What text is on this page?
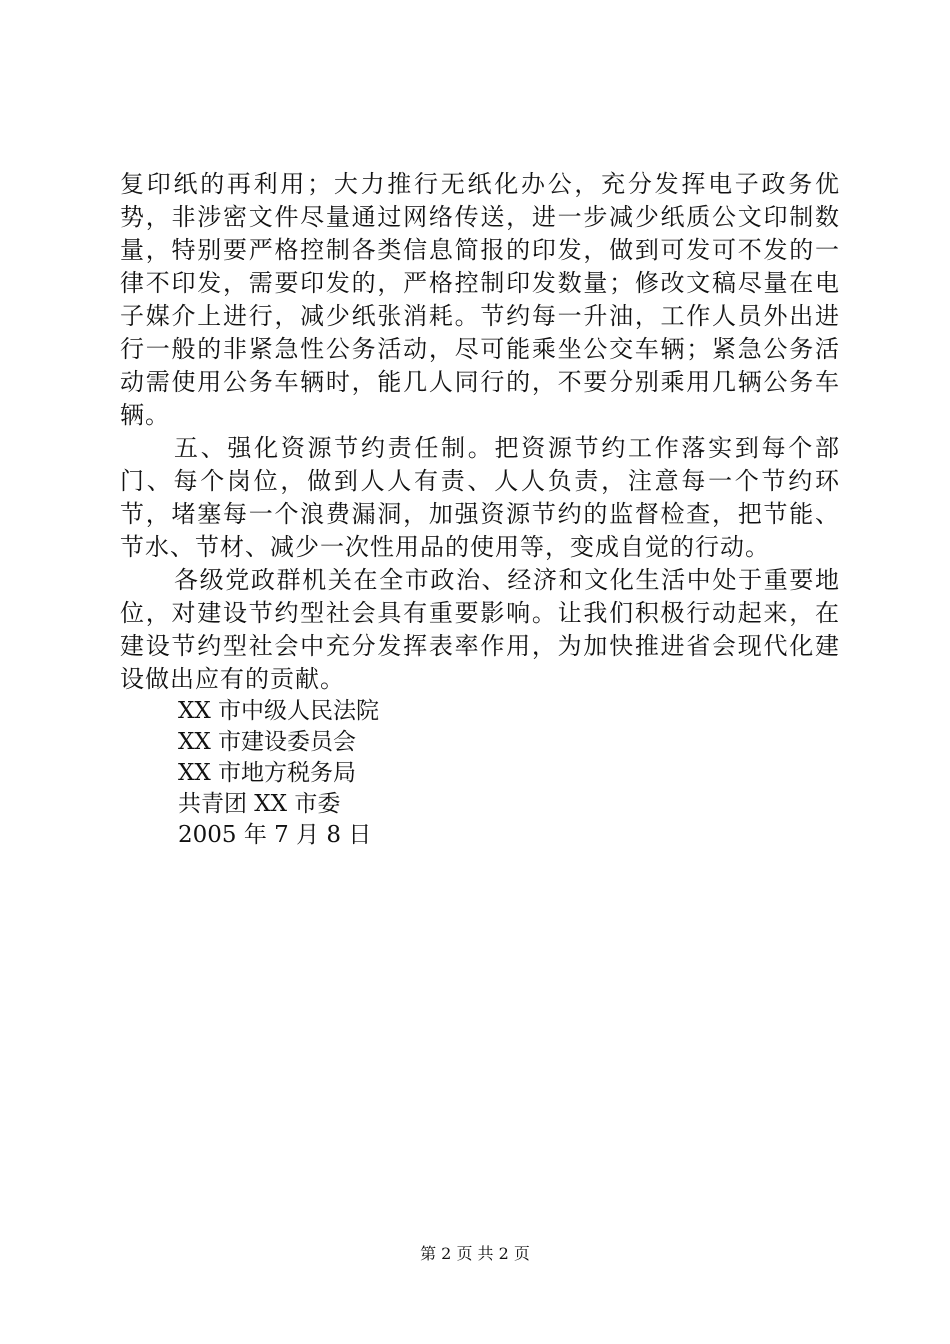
复印纸的再利用；大力推行无纸化办公，充分发挥电子政务优势，非涉密文件尽量通过网络传送，进一步减少纸质公文印制数量，特别要严格控制各类信息简报的印发，做到可发可不发的一律不印发，需要印发的，严格控制印发数量；修改文稿尽量在电子媒介上进行，减少纸张消耗。节约每一升油，工作人员外出进行一般的非紧急性公务活动，尽可能乘坐公交车辆；紧急公务活动需使用公务车辆时，能几人同行的，不要分别乘用几辆公务车辆。

五、强化资源节约责任制。把资源节约工作落实到每个部门、每个岗位，做到人人有责、人人负责，注意每一个节约环节，堵塞每一个浪费漏洞，加强资源节约的监督检查，把节能、节水、节材、减少一次性用品的使用等，变成自觉的行动。

各级党政群机关在全市政治、经济和文化生活中处于重要地位，对建设节约型社会具有重要影响。让我们积极行动起来，在建设节约型社会中充分发挥表率作用，为加快推进省会现代化建设做出应有的贡献。

XX 市中级人民法院
XX 市建设委员会
XX 市地方税务局
共青团 XX 市委
2005 年 7 月 8 日
第 2 页 共 2 页
